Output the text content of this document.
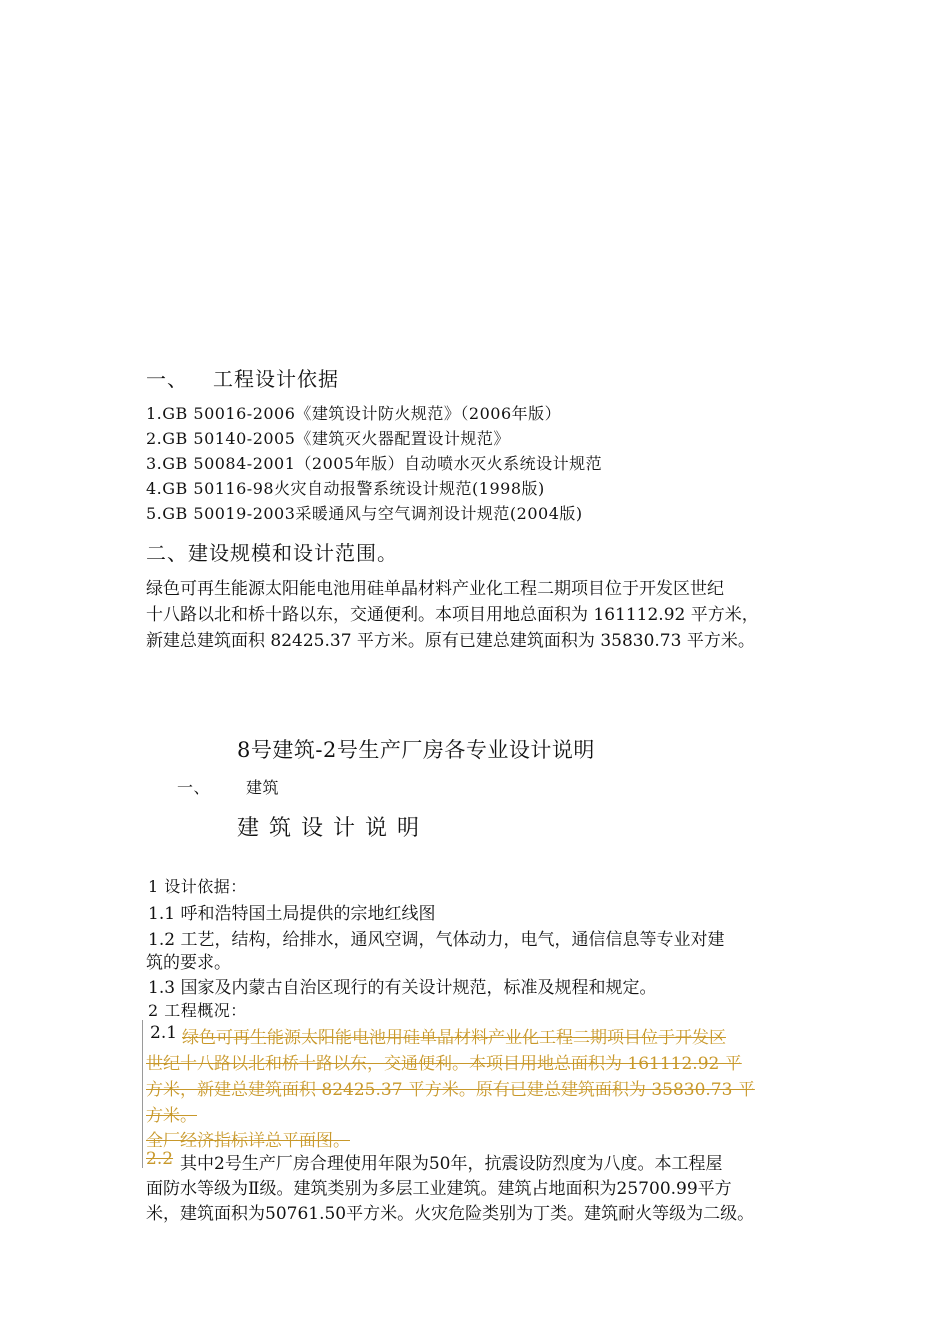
一、 工程设计依据
1.GB 50016-2006《建筑设计防火规范》（2006年版）
2.GB 50140-2005《建筑灭火器配置设计规范》
3.GB 50084-2001（2005年版）自动喷水灭火系统设计规范
4.GB 50116-98火灾自动报警系统设计规范(1998版)
5.GB 50019-2003采暖通风与空气调剂设计规范(2004版)
二、建设规模和设计范围。
绿色可再生能源太阳能电池用硅单晶材料产业化工程二期项目位于开发区世纪
十八路以北和桥十路以东，交通便利。本项目用地总面积为 161112.92 平方米，
新建总建筑面积 82425.37 平方米。原有已建总建筑面积为 35830.73 平方米。
8号建筑-2号生产厂房各专业设计说明
一、 建筑
建筑设计说明
1 设计依据：
1.1 呼和浩特国土局提供的宗地红线图
1.2 工艺，结构，给排水，通风空调，气体动力，电气，通信信息等专业对建
筑的要求。
1.3 国家及内蒙古自治区现行的有关设计规范，标准及规程和规定。
2 工程概况：
2.1 绿色可再生能源太阳能电池用硅单晶材料产业化工程二期项目位于开发区
世纪十八路以北和桥十路以东，交通便利。本项目用地总面积为 161112.92 平
方米，新建总建筑面积 82425.37 平方米。原有已建总建筑面积为 35830.73 平
方米。
全厂经济指标详总平面图。
2.2 其中2号生产厂房合理使用年限为50年，抗震设防烈度为八度。本工程屋
面防水等级为Ⅱ级。建筑类别为多层工业建筑。建筑占地面积为25700.99平方
米，建筑面积为50761.50平方米。火灾危险类别为丁类。建筑耐火等级为二级。
